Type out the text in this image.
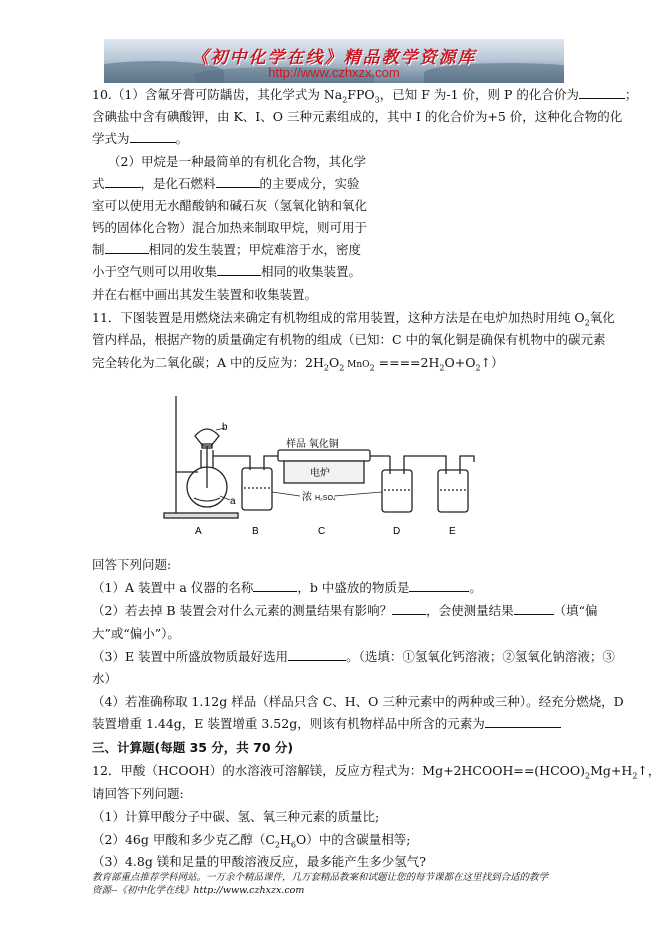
《初中化学在线》精品教学资源库
http://www.czhxzx.com
10.（1）含氟牙膏可防龋齿，其化学式为 $Na_2FPO_3$，已知 F 为-1 价，则 P 的化合价为	；
含碘盐中含有碘酸钾，由 K、I、O 三种元素组成的，其中 I 的化合价为+5 价，这种化合物的化
学式为	。
（2）甲烷是一种最简单的有机化合物，其化学
式	，是化石燃料	的主要成分，实验
室可以使用无水醋酸钠和碱石灰（氢氧化钠和氧化
钙的固体化合物）混合加热来制取甲烷，则可用于
制	相同的发生装置；甲烷难溶于水，密度
小于空气则可以用收集	相同的收集装置。
并在右框中画出其发生装置和收集装置。
11．下图装置是用燃烧法来确定有机物组成的常用装置，这种方法是在电炉加热时用纯 $O_2$氧化
管内样品，根据产物的质量确定有机物的组成（已知：C 中的氧化铜是确保有机物中的碳元素
完全转化为二氧化碳；A 中的反应为：$2H_2O_2$ $MnO_2 ====2H_2O+O_2↑$）
b
a
样品 氧化铜
电炉
浓 H₂SO₄
A	B	C	D	E
回答下列问题:
（1）A 装置中 a 仪器的名称	，b 中盛放的物质是	。
（2）若去掉 B 装置会对什么元素的测量结果有影响？	，会使测量结果	（填“偏
大”或“偏小”）。
（3）E 装置中所盛放物质最好选用	。（选填：①氢氧化钙溶液；②氢氧化钠溶液；③
水）
（4）若准确称取 1.12g 样品（样品只含 C、H、O 三种元素中的两种或三种）。经充分燃烧，D
装置增重 1.44g，E 装置增重 3.52g，则该有机物样品中所含的元素为
三、计算题(每题 35 分，共 70 分)
12．甲酸（HCOOH）的水溶液可溶解镁，反应方程式为：$Mg+2HCOOH==(HCOO)_2Mg+H_2↑$，
请回答下列问题:
（1）计算甲酸分子中碳、氢、氧三种元素的质量比;
（2）46g 甲酸和多少克乙醇$(C_2H_6O)$中的含碳量相等;
（3）4.8g 镁和足量的甲酸溶液反应，最多能产生多少氢气?
教育部重点推荐学科网站。一万余个精品课件，几万套精品教案和试题让您的每节课都在这里找到合适的教学
资源--《初中化学在线》http://www.czhxzx.com
